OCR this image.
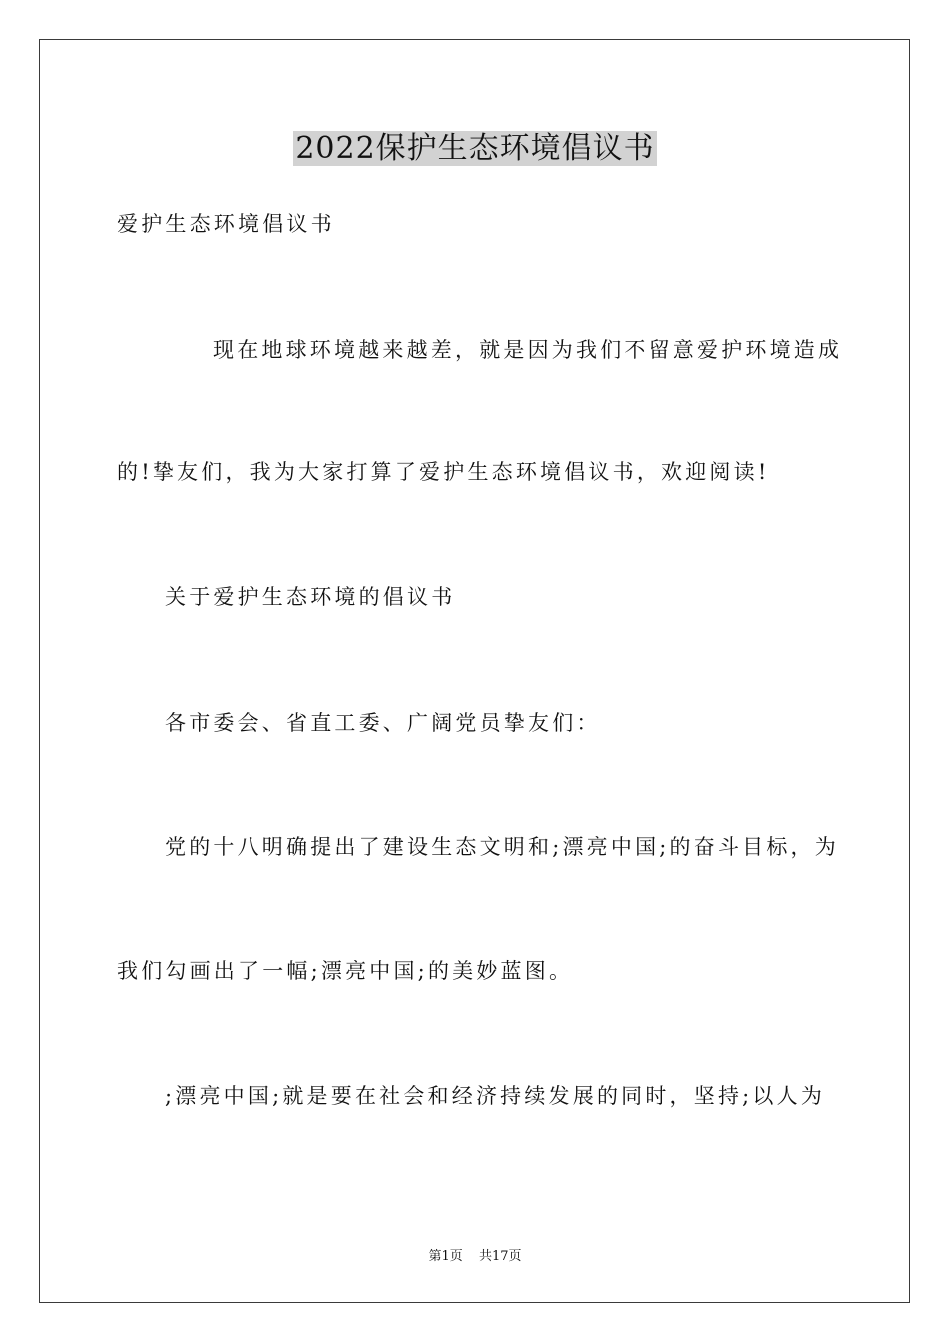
2022保护生态环境倡议书

爱护生态环境倡议书

现在地球环境越来越差，就是因为我们不留意爱护环境造成

的!挚友们，我为大家打算了爱护生态环境倡议书，欢迎阅读!

关于爱护生态环境的倡议书

各市委会、省直工委、广阔党员挚友们：

党的十八明确提出了建设生态文明和;漂亮中国;的奋斗目标，为

我们勾画出了一幅;漂亮中国;的美妙蓝图。

;漂亮中国;就是要在社会和经济持续发展的同时，坚持;以人为

第1页 共17页
